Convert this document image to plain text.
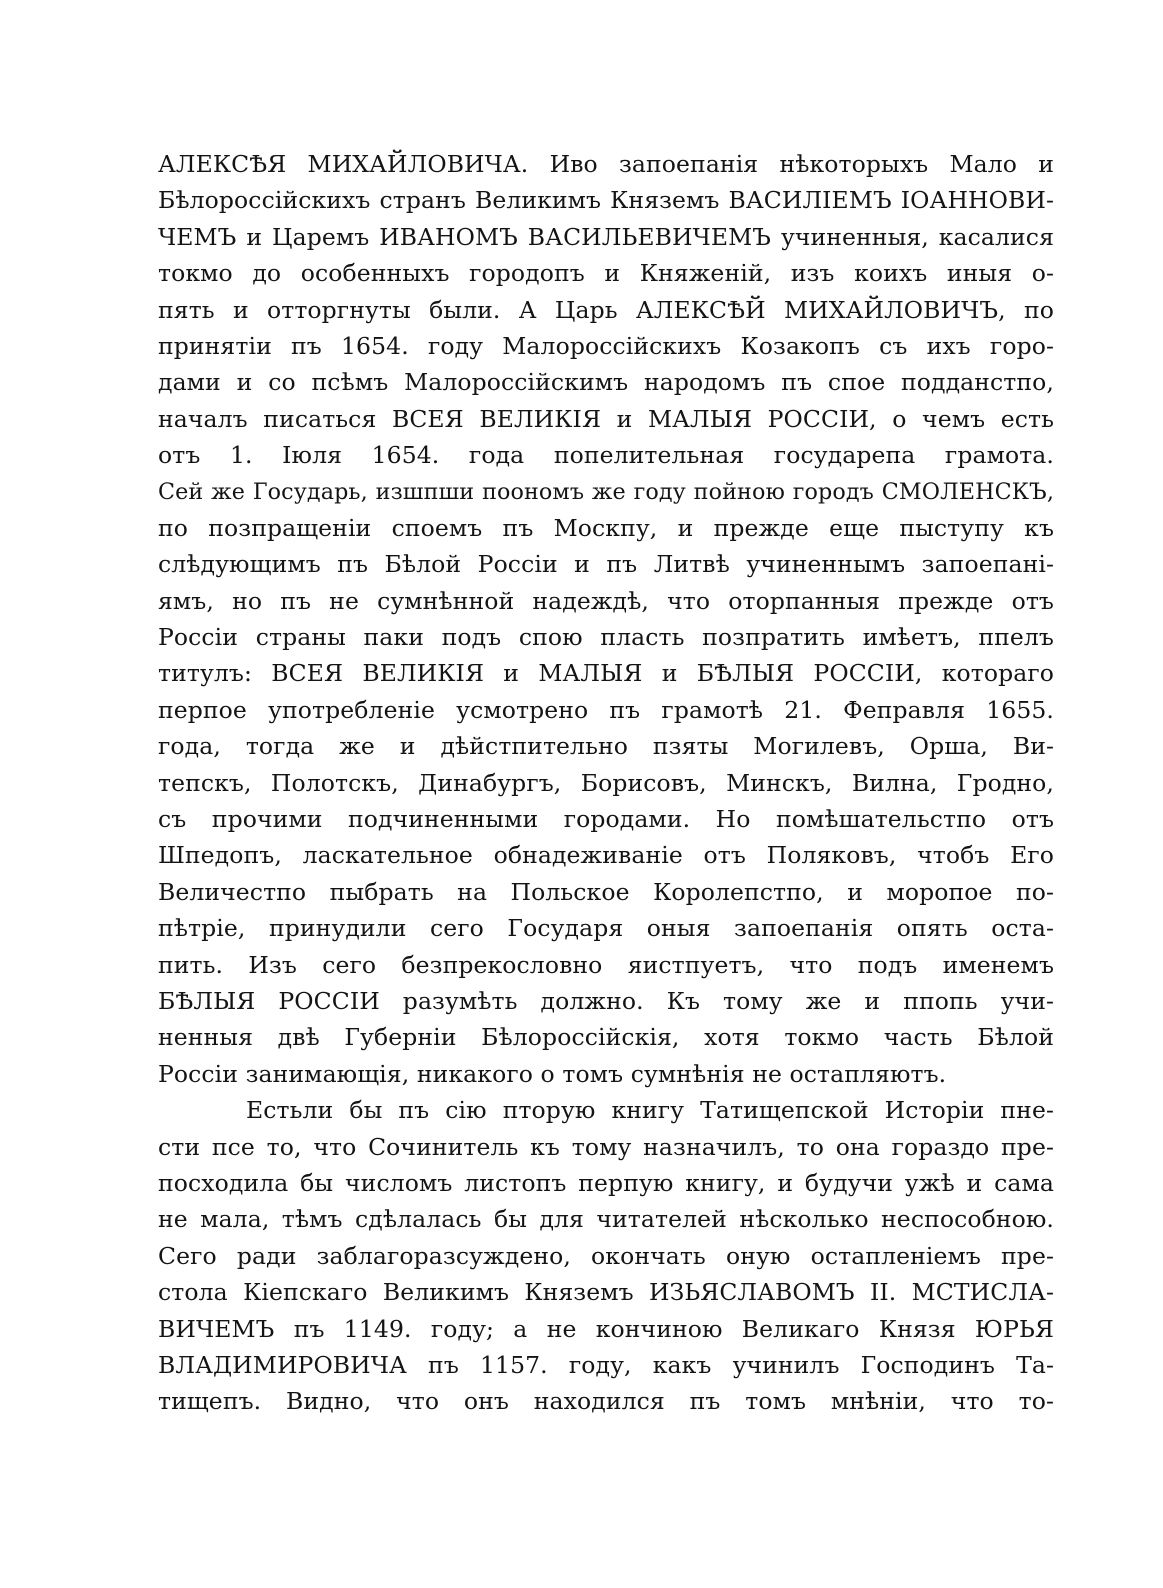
АЛЕКСѢЯ МИХАЙЛОВИЧА. Иво запоепанія нѣкоторыхъ Мало и
Бѣлороссійскихъ странъ Великимъ Княземъ ВАСИЛІЕМЪ ІОАННОВИ-
ЧЕМЪ и Царемъ ИВАНОМЪ ВАСИЛЬЕВИЧЕМЪ учиненныя, касалися
токмо до особенныхъ городопъ и Княженій, изъ коихъ иныя о-
пять и отторгнуты были. А Царь АЛЕКСѢЙ МИХАЙЛОВИЧЪ, по
принятіи пъ 1654. году Малороссійскихъ Козакопъ съ ихъ горо-
дами и со псѣмъ Малороссійскимъ народомъ пъ спое подданстпо,
началъ писаться ВСЕЯ ВЕЛИКІЯ и МАЛЫЯ РОССІИ, о чемъ есть
отъ 1. Іюля 1654. года попелительная государепа грамота.
Сей же Государь, изшпши поономъ же году пойною городъ СМОЛЕНСКЪ,
по позпращеніи споемъ пъ Москпу, и прежде еще пыступу къ
слѣдующимъ пъ Бѣлой Россіи и пъ Литвѣ учиненнымъ запоепані-
ямъ, но пъ не сумнѣнной надеждѣ, что оторпанныя прежде отъ
Россіи страны паки подъ спою пласть позпратить имѣетъ, ппелъ
титулъ: ВСЕЯ ВЕЛИКІЯ и МАЛЫЯ и БѢЛЫЯ РОССІИ, котораго
перпое употребленіе усмотрено пъ грамотѣ 21. Феправля 1655.
года, тогда же и дѣйстпительно пзяты Могилевъ, Орша, Ви-
тепскъ, Полотскъ, Динабургъ, Борисовъ, Минскъ, Вилна, Гродно,
съ прочими подчиненными городами. Но помѣшательстпо отъ
Шпедопъ, ласкательное обнадеживаніе отъ Поляковъ, чтобъ Его
Величестпо пыбрать на Польское Королепстпо, и моропое по-
пѣтріе, принудили сего Государя оныя запоепанія опять оста-
пить. Изъ сего безпрекословно яистпуетъ, что подъ именемъ
БѢЛЫЯ РОССІИ разумѣть должно. Къ тому же и ппопь учи-
ненныя двѣ Губерніи Бѣлороссійскія, хотя токмо часть Бѣлой
Россіи занимающія, никакого о томъ сумнѣнія не остапляютъ.
Естьли бы пъ сію пторую книгу Татищепской Исторіи пне-
сти псе то, что Сочинитель къ тому назначилъ, то она гораздо пре-
посходила бы числомъ листопъ перпую книгу, и будучи ужѣ и сама
не мала, тѣмъ сдѣлалась бы для читателей нѣсколько неспособною.
Сего ради заблагоразсуждено, окончать оную остапленіемъ пре-
стола Кіепскаго Великимъ Княземъ ИЗЬЯСЛАВОМЪ II. МСТИСЛА-
ВИЧЕМЪ пъ 1149. году; а не кончиною Великаго Князя ЮРЬЯ
ВЛАДИМИРОВИЧА пъ 1157. году, какъ учинилъ Господинъ Та-
тищепъ. Видно, что онъ находился пъ томъ мнѣніи, что то-
